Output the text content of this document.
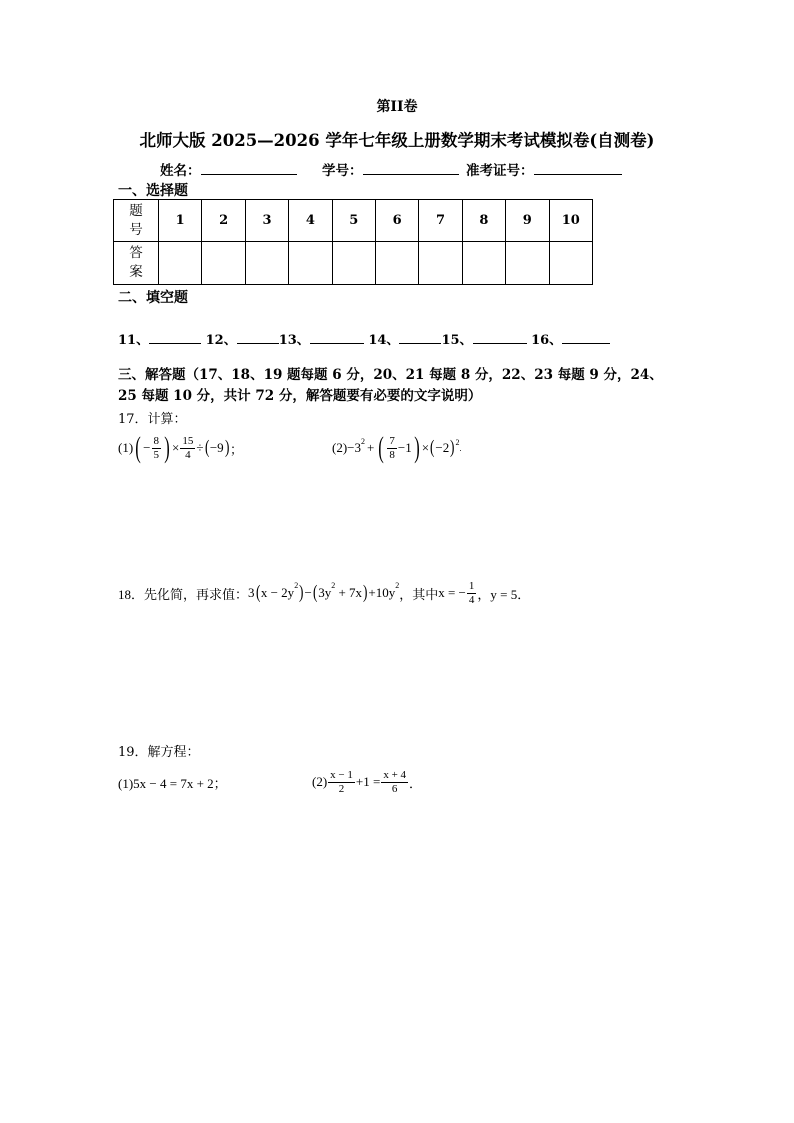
第II卷
北师大版 2025—2026 学年七年级上册数学期末考试模拟卷(自测卷)
姓名：	学号：	准考证号：
一、选择题
题
号	1	2	3	4	5	6	7	8	9	10
答
案										
二、填空题
11、	12、	13、	14、	15、	16、
三、解答题（17、18、19 题每题 6 分，20、21 每题 8 分，22、23 每题 9 分，24、
25 每题 10 分，共计 72 分，解答题要有必要的文字说明）
17．计算：
(1) ( − $\frac{8}{5}$ ) × $\frac{15}{4}$ ÷ ( −9 ) ；	$(2) -3^2$ + ( $\frac{7}{8} -1$ ) × ( −2 )$^2$
.
18．先化简，再求值： 3 ( $x - 2y^2$ ) − ( $3y^2 + 7x$ ) $+10y^2$
，其中 x = − $\frac{1}{4}$ ，y = 5 ．
19．解方程：
(1)5x − 4 = 7x + 2；	$(2) \frac{x - 1}{2} +1 = \frac{x + 4}{6}$ ．
